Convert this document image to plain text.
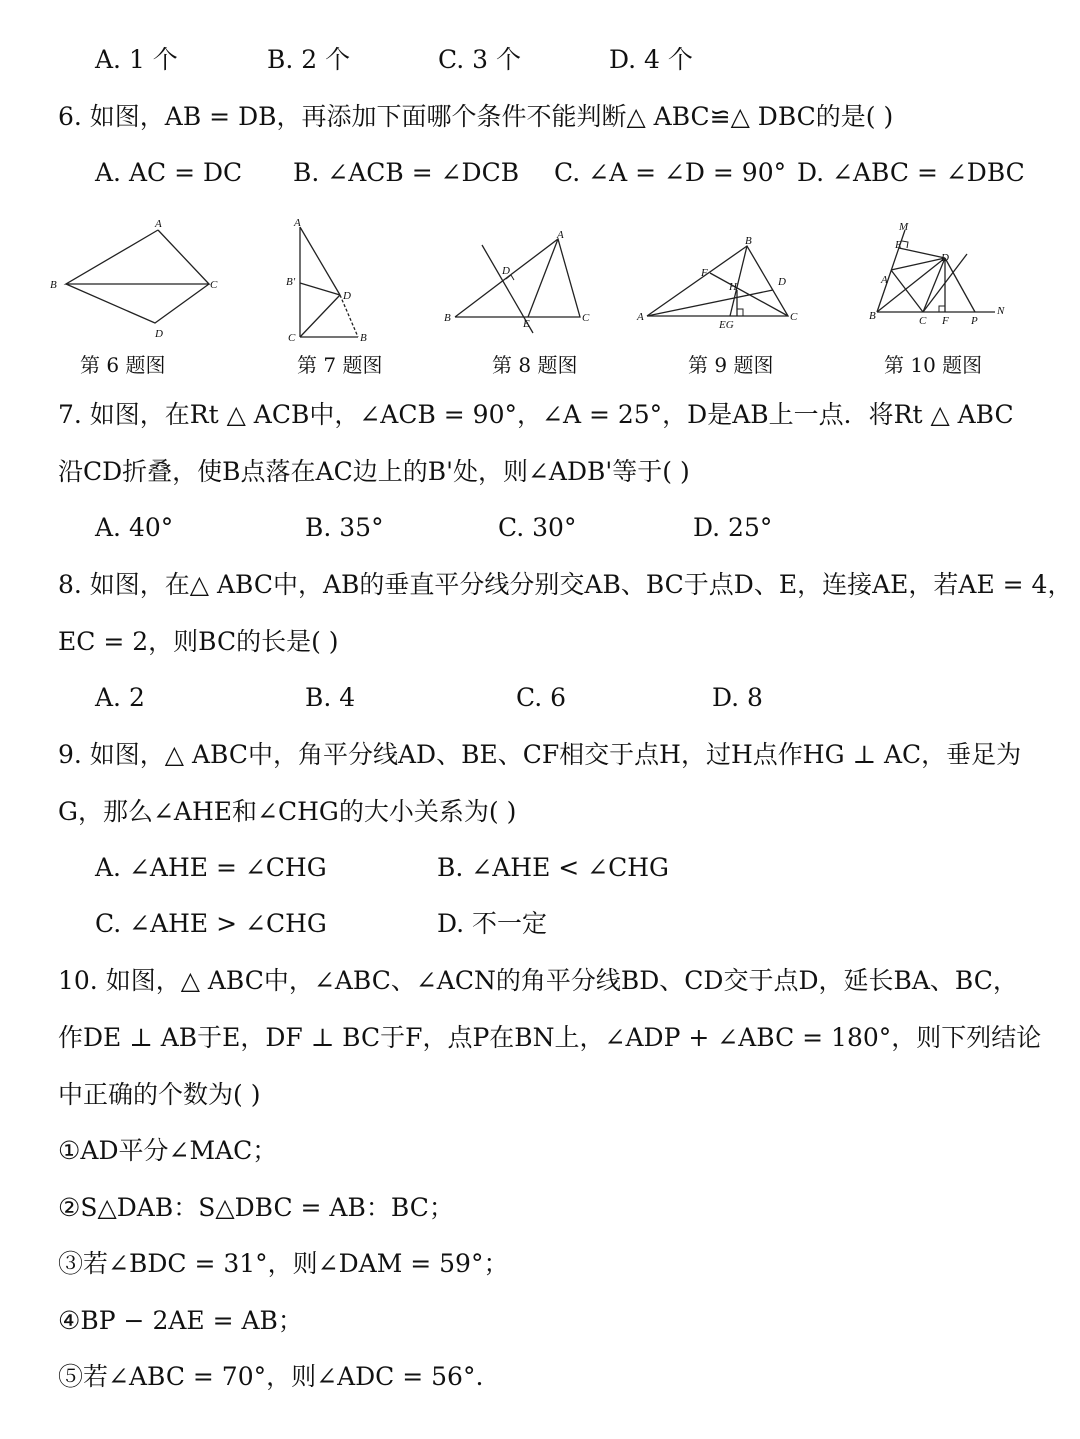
A. 1 个	B. 2 个	C. 3 个	D. 4 个
6. 如图，AB = DB，再添加下面哪个条件不能判断△ ABC≌△ DBC的是( )
A. AC = DC B. ∠ACB = ∠DCB C. ∠A = ∠D = 90° D. ∠ABC = ∠DBC
A
B	C
D
A
B'
D
C	B
A
D
B	E	C
B
F
H	D
A
EG
C
M
E
D
A
B	C F P
N
第 6 题图	第 7 题图	第 8 题图	第 9 题图	第 10 题图
7. 如图，在Rt △ ACB中，∠ACB = 90°，∠A = 25°，D是AB上一点．将Rt △ ABC
沿CD折叠，使B点落在AC边上的B'处，则∠ADB'等于( )
A. 40°	B. 35°	C. 30°	D. 25°
8. 如图，在△ ABC中，AB的垂直平分线分别交AB、BC于点D、E，连接AE，若AE = 4，
EC = 2，则BC的长是( )
A. 2	B. 4	C. 6	D. 8
9. 如图，△ ABC中，角平分线AD、BE、CF相交于点H，过H点作HG ⊥ AC，垂足为
G，那么∠AHE和∠CHG的大小关系为( )
A. ∠AHE = ∠CHG	B. ∠AHE < ∠CHG
C. ∠AHE > ∠CHG	D. 不一定
10. 如图，△ ABC中，∠ABC、∠ACN的角平分线BD、CD交于点D，延长BA、BC，
作DE ⊥ AB于E，DF ⊥ BC于F，点P在BN上，∠ADP + ∠ABC = 180°，则下列结论
中正确的个数为( )
①AD平分∠MAC；
②S△DAB：S△DBC = AB：BC；
③若∠BDC = 31°，则∠DAM = 59°；
④BP − 2AE = AB；
⑤若∠ABC = 70°，则∠ADC = 56°.
